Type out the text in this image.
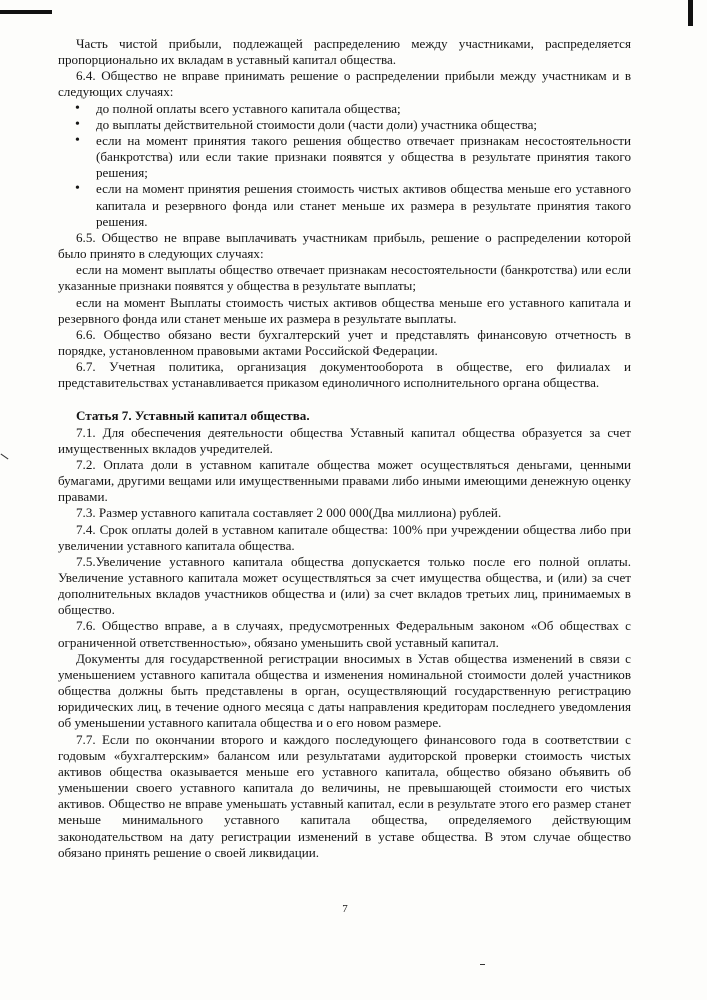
Часть чистой прибыли, подлежащей распределению между участниками, распределяется пропорционально их вкладам в уставный капитал общества.

6.4. Общество не вправе принимать решение о распределении прибыли между участникам и в следующих случаях:

• до полной оплаты всего уставного капитала общества;
• до выплаты действительной стоимости доли (части доли) участника общества;
• если на момент принятия такого решения общество отвечает признакам несостоятельности (банкротства) или если такие признаки появятся у общества в результате принятия такого решения;
• если на момент принятия решения стоимость чистых активов общества меньше его уставного капитала и резервного фонда или станет меньше их размера в результате принятия такого решения.

6.5. Общество не вправе выплачивать участникам прибыль, решение о распределении которой было принято в следующих случаях:

если на момент выплаты общество отвечает признакам несостоятельности (банкротства) или если указанные признаки появятся у общества в результате выплаты;

если на момент Выплаты стоимость чистых активов общества меньше его уставного капитала и резервного фонда или станет меньше их размера в результате выплаты.

6.6. Общество обязано вести бухгалтерский учет и представлять финансовую отчетность в порядке, установленном правовыми актами Российской Федерации.

6.7. Учетная политика, организация документооборота в обществе, его филиалах и представительствах устанавливается приказом единоличного исполнительного органа общества.

Статья 7. Уставный капитал общества.

7.1. Для обеспечения деятельности общества Уставный капитал общества образуется за счет имущественных вкладов учредителей.

7.2. Оплата доли в уставном капитале общества может осуществляться деньгами, ценными бумагами, другими вещами или имущественными правами либо иными имеющими денежную оценку правами.

7.3. Размер уставного капитала составляет 2 000 000(Два миллиона) рублей.

7.4. Срок оплаты долей в уставном капитале общества: 100% при учреждении общества либо при увеличении уставного капитала общества.

7.5.Увеличение уставного капитала общества допускается только после его полной оплаты. Увеличение уставного капитала может осуществляться за счет имущества общества, и (или) за счет дополнительных вкладов участников общества и (или) за счет вкладов третьих лиц, принимаемых в общество.

7.6. Общество вправе, а в случаях, предусмотренных Федеральным законом «Об обществах с ограниченной ответственностью», обязано уменьшить свой уставный капитал.

Документы для государственной регистрации вносимых в Устав общества изменений в связи с уменьшением уставного капитала общества и изменения номинальной стоимости долей участников общества должны быть представлены в орган, осуществляющий государственную регистрацию юридических лиц, в течение одного месяца с даты направления кредиторам последнего уведомления об уменьшении уставного капитала общества и о его новом размере.

7.7. Если по окончании второго и каждого последующего финансового года в соответствии с годовым «бухгалтерским» балансом или результатами аудиторской проверки стоимость чистых активов общества оказывается меньше его уставного капитала, общество обязано объявить об уменьшении своего уставного капитала до величины, не превышающей стоимости его чистых активов. Общество не вправе уменьшать уставный капитал, если в результате этого его размер станет меньше минимального уставного капитала общества, определяемого действующим законодательством на дату регистрации изменений в уставе общества. В этом случае общество обязано принять решение о своей ликвидации.

7
